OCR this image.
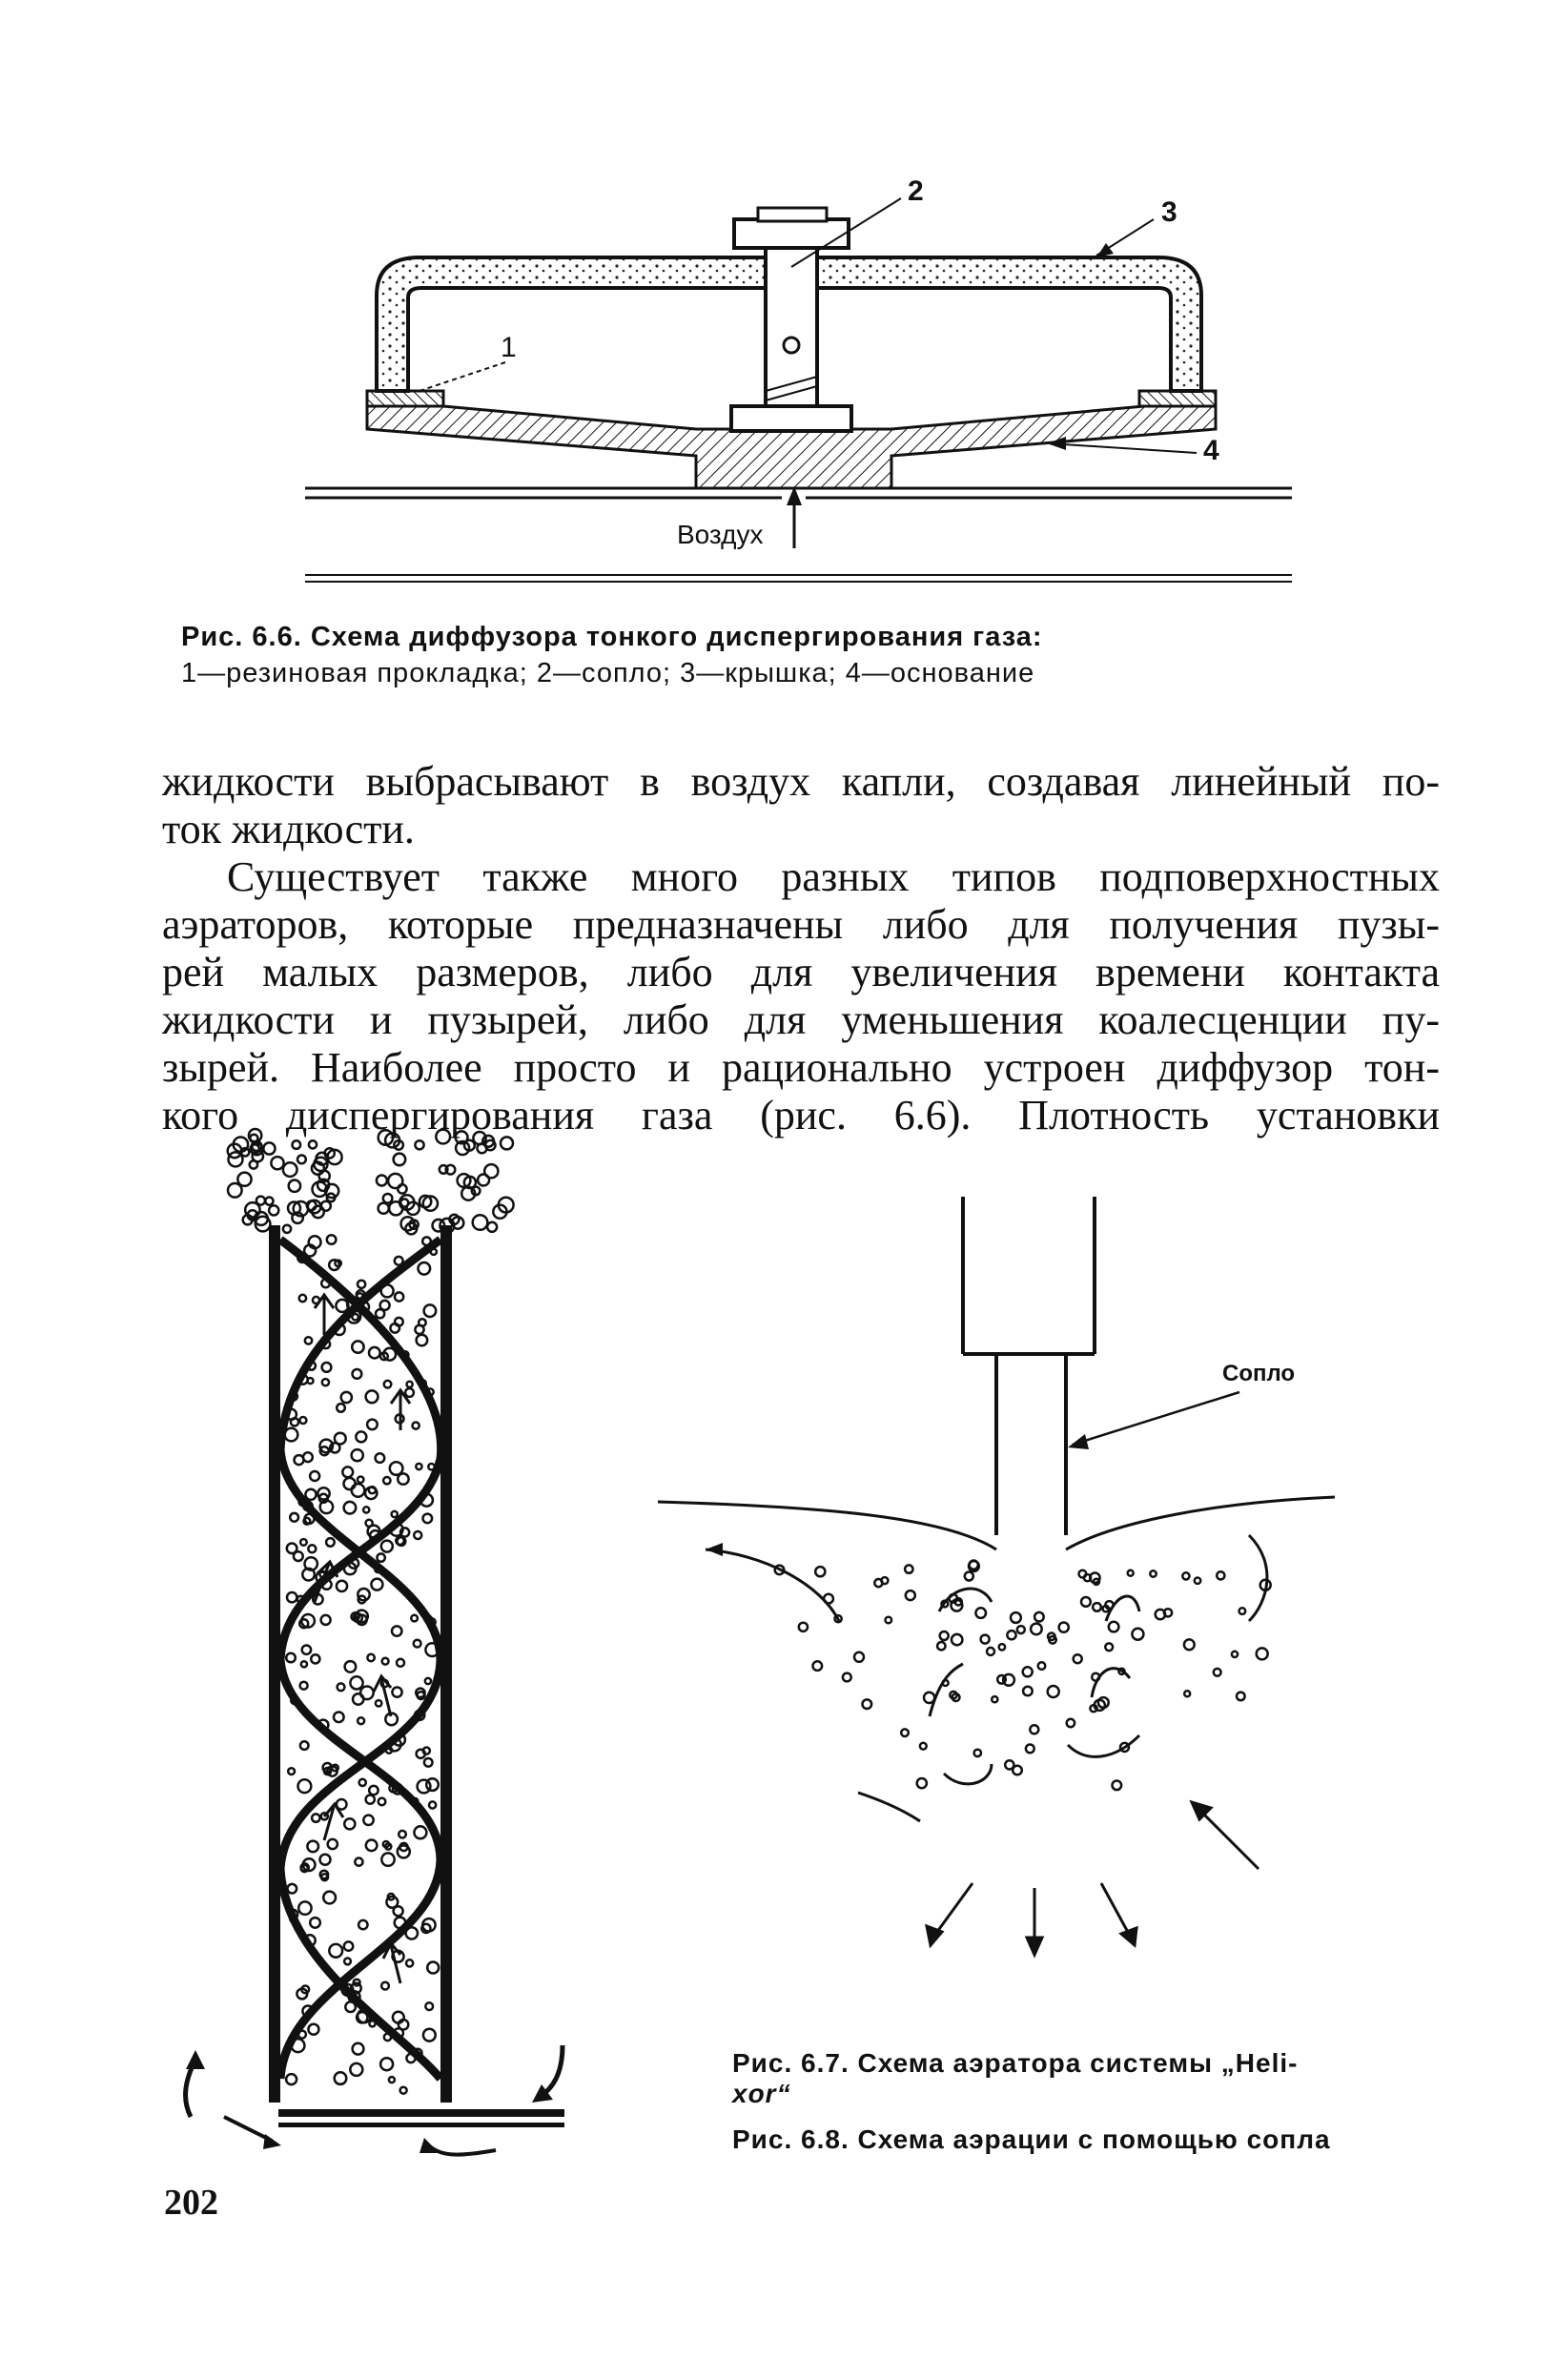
Воздух
1
2
3
4
Рис. 6.6. Схема диффузора тонкого диспергирования газа:
1—резиновая прокладка; 2—сопло; 3—крышка; 4—основание
жидкости выбрасывают в воздух капли, создавая линейный по-
ток жидкости.
Существует также много разных типов подповерхностных
аэраторов, которые предназначены либо для получения пузы-
рей малых размеров, либо для увеличения времени контакта
жидкости и пузырей, либо для уменьшения коалесценции пу-
зырей. Наиболее просто и рационально устроен диффузор тон-
кого диспергирования газа (рис. 6.6). Плотность установки
Сопло
Рис. 6.7. Схема аэратора системы „Heli-
xor“
Рис. 6.8. Схема аэрации с помощью сопла
202
